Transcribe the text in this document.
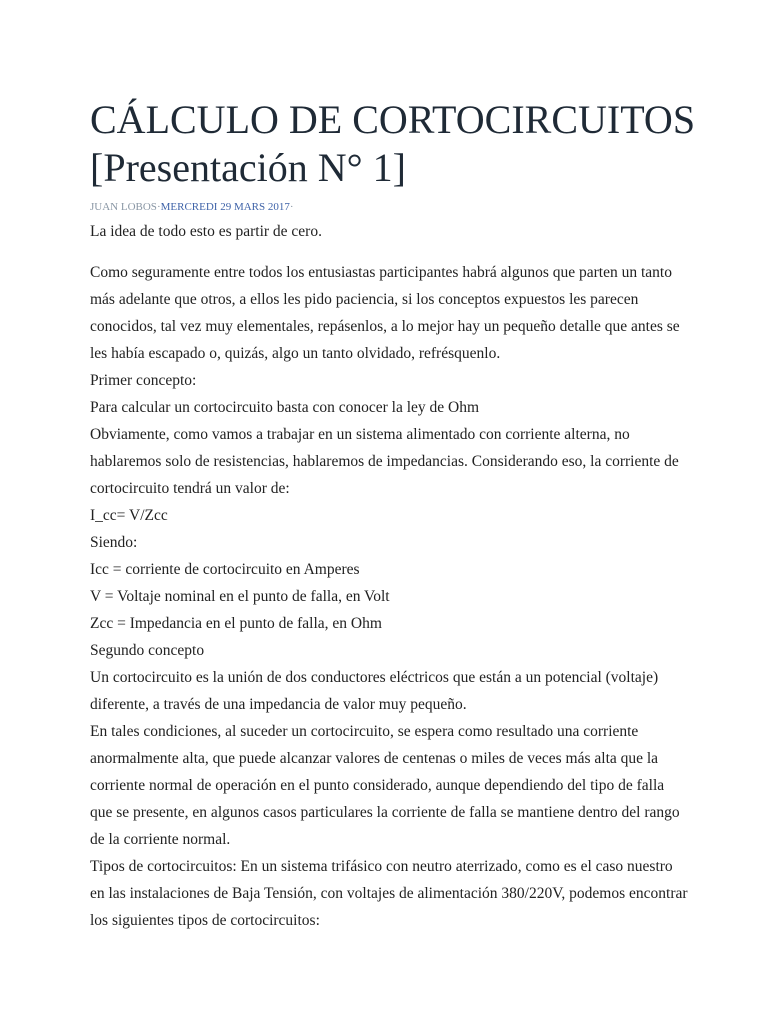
CÁLCULO DE CORTOCIRCUITOS
[Presentación N° 1]
JUAN LOBOS·MERCREDI 29 MARS 2017·

La idea de todo esto es partir de cero.

Como seguramente entre todos los entusiastas participantes habrá algunos que parten un tanto más adelante que otros, a ellos les pido paciencia, si los conceptos expuestos les parecen conocidos, tal vez muy elementales, repásenlos, a lo mejor hay un pequeño detalle que antes se les había escapado o, quizás, algo un tanto olvidado, refrésquenlo.

Primer concepto:

Para calcular un cortocircuito basta con conocer la ley de Ohm

Obviamente, como vamos a trabajar en un sistema alimentado con corriente alterna, no hablaremos solo de resistencias, hablaremos de impedancias. Considerando eso, la corriente de cortocircuito tendrá un valor de:

I_cc= V/Zcc

Siendo:

Icc = corriente de cortocircuito en Amperes

V = Voltaje nominal en el punto de falla, en Volt

Zcc = Impedancia en el punto de falla, en Ohm

Segundo concepto

Un cortocircuito es la unión de dos conductores eléctricos que están a un potencial (voltaje) diferente, a través de una impedancia de valor muy pequeño.

En tales condiciones, al suceder un cortocircuito, se espera como resultado una corriente anormalmente alta, que puede alcanzar valores de centenas o miles de veces más alta que la corriente normal de operación en el punto considerado, aunque dependiendo del tipo de falla que se presente, en algunos casos particulares la corriente de falla se mantiene dentro del rango de la corriente normal.

Tipos de cortocircuitos: En un sistema trifásico con neutro aterrizado, como es el caso nuestro en las instalaciones de Baja Tensión, con voltajes de alimentación 380/220V, podemos encontrar los siguientes tipos de cortocircuitos:
